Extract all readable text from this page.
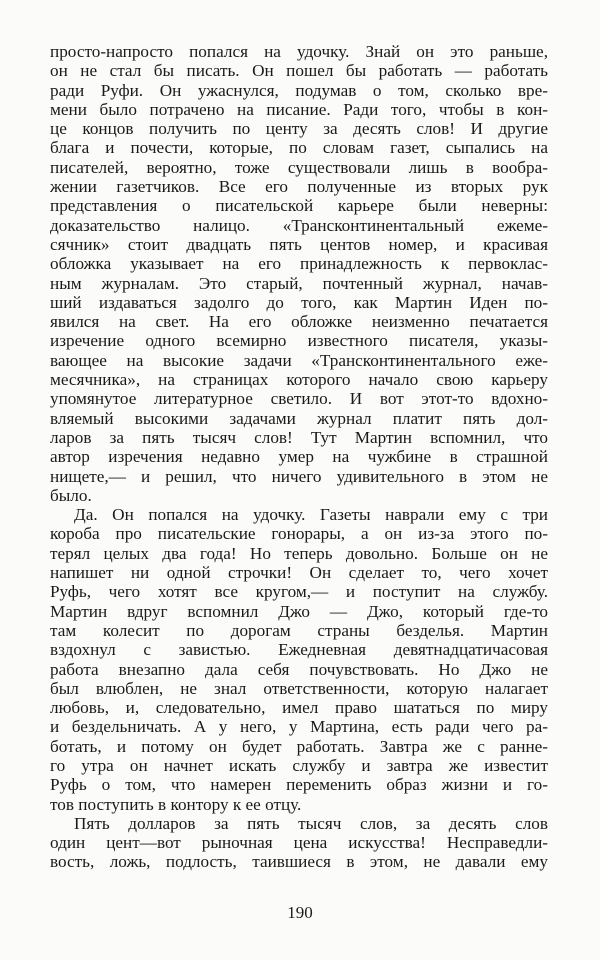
просто-напросто попался на удочку. Знай он это раньше,
он не стал бы писать. Он пошел бы работать — работать
ради Руфи. Он ужаснулся, подумав о том, сколько вре-
мени было потрачено на писание. Ради того, чтобы в кон-
це концов получить по центу за десять слов! И другие
блага и почести, которые, по словам газет, сыпались на
писателей, вероятно, тоже существовали лишь в вообра-
жении газетчиков. Все его полученные из вторых рук
представления о писательской карьере были неверны:
доказательство налицо. «Трансконтинентальный ежеме-
сячник» стоит двадцать пять центов номер, и красивая
обложка указывает на его принадлежность к первоклас-
ным журналам. Это старый, почтенный журнал, начав-
ший издаваться задолго до того, как Мартин Иден по-
явился на свет. На его обложке неизменно печатается
изречение одного всемирно известного писателя, указы-
вающее на высокие задачи «Трансконтинентального еже-
месячника», на страницах которого начало свою карьеру
упомянутое литературное светило. И вот этот-то вдохно-
вляемый высокими задачами журнал платит пять дол-
ларов за пять тысяч слов! Тут Мартин вспомнил, что
автор изречения недавно умер на чужбине в страшной
нищете,— и решил, что ничего удивительного в этом не
было.
Да. Он попался на удочку. Газеты наврали ему с три
короба про писательские гонорары, а он из-за этого по-
терял целых два года! Но теперь довольно. Больше он не
напишет ни одной строчки! Он сделает то, чего хочет
Руфь, чего хотят все кругом,— и поступит на службу.
Мартин вдруг вспомнил Джо — Джо, который где-то
там колесит по дорогам страны безделья. Мартин
вздохнул с завистью. Ежедневная девятнадцатичасовая
работа внезапно дала себя почувствовать. Но Джо не
был влюблен, не знал ответственности, которую налагает
любовь, и, следовательно, имел право шататься по миру
и бездельничать. А у него, у Мартина, есть ради чего ра-
ботать, и потому он будет работать. Завтра же с ранне-
го утра он начнет искать службу и завтра же известит
Руфь о том, что намерен переменить образ жизни и го-
тов поступить в контору к ее отцу.
Пять долларов за пять тысяч слов, за десять слов
один цент—вот рыночная цена искусства! Несправедли-
вость, ложь, подлость, таившиеся в этом, не давали ему
190
